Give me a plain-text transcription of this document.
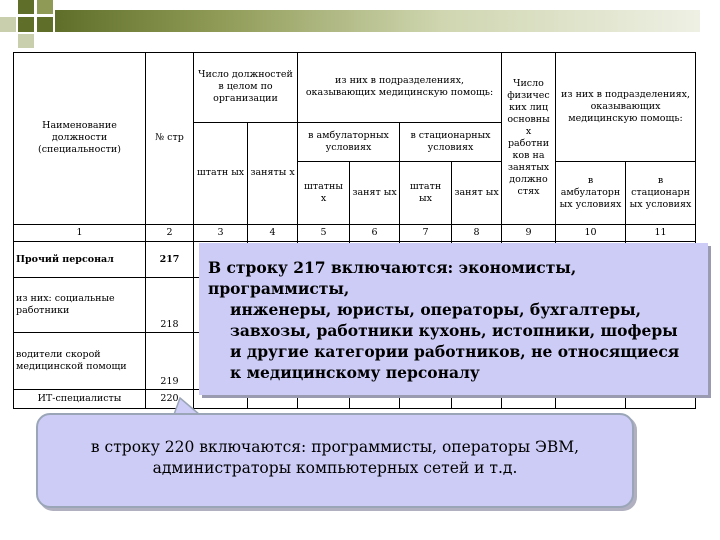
Наименование должности (специальности)	№ стр	Число должностей в целом по организации		из них в подразделениях, оказывающих медицинскую помощь:				Число физичес ких лиц основны х работни ков на занятых должно стях	из них в подразделениях, оказывающих медицинскую помощь:	
		штатн ых	заняты х	в амбулаторных условиях		в стационарных условиях				
				штатны х	занят ых	штатн ых	занят ых		в амбулаторн ых условиях	в стационарн ых условиях
1	2	3	4	5	6	7	8	9	10	11
Прочий персонал	217									
из них: социальные работники	218									
водители скорой медицинской помощи	219									
ИТ-специалисты	220									

В строку 217 включаются: экономисты, программисты,
инженеры, юристы, операторы, бухгалтеры, завхозы, работники кухонь, истопники, шоферы и другие категории работников, не относящиеся к медицинскому персоналу

в строку 220 включаются: программисты, операторы ЭВМ,
администраторы компьютерных сетей и т.д.
